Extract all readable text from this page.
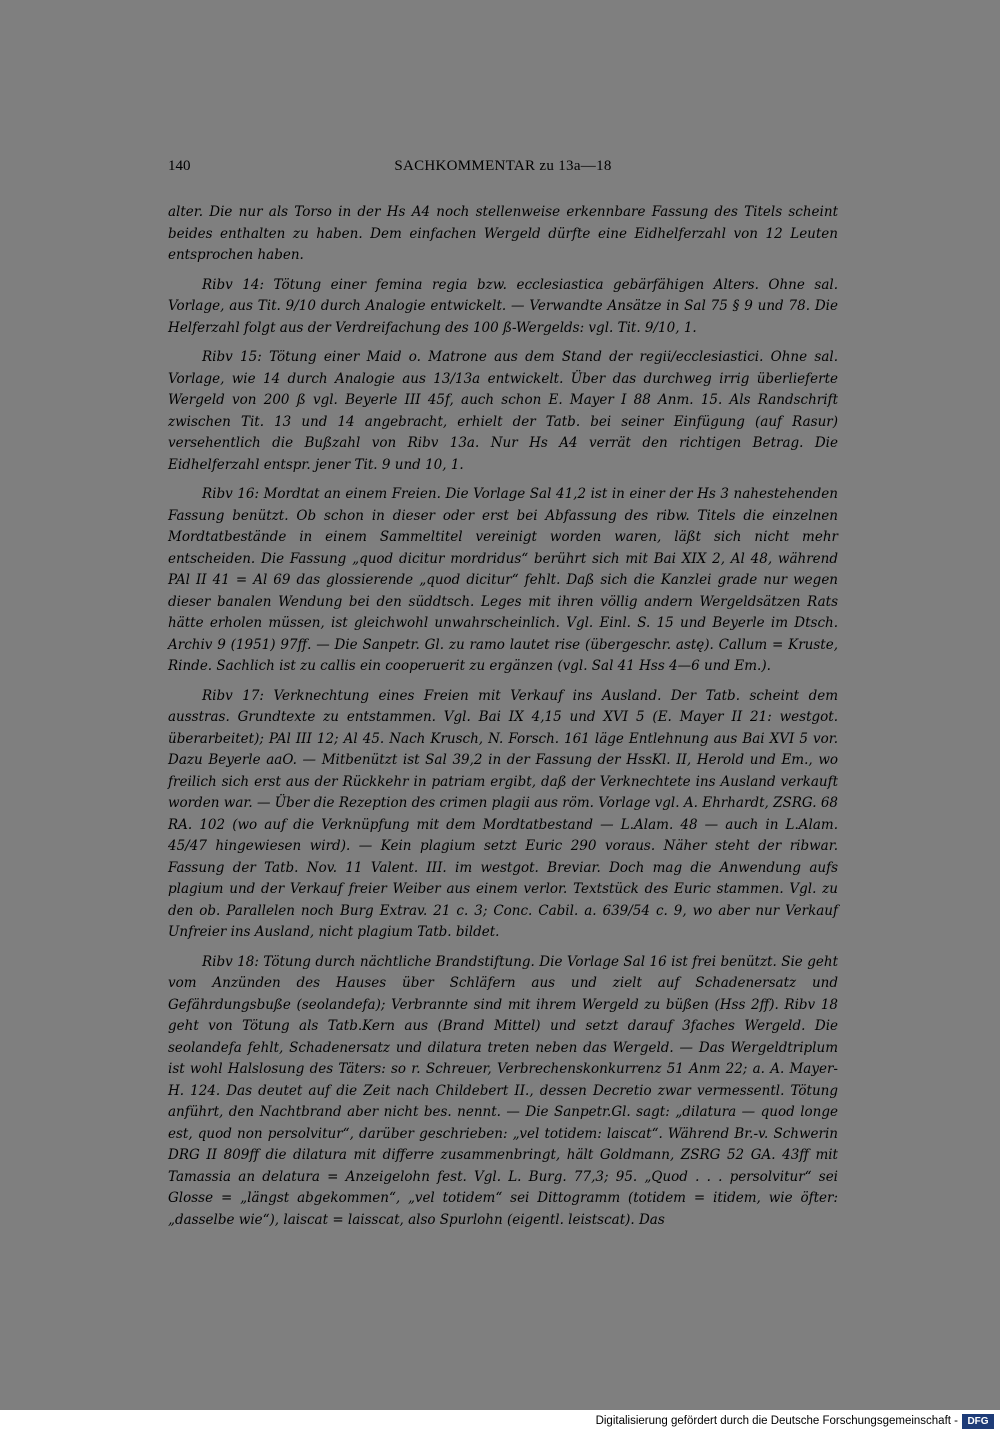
140	SACHKOMMENTAR zu 13a—18

alter. Die nur als Torso in der Hs A4 noch stellenweise erkennbare Fassung des Titels scheint beides enthalten zu haben. Dem einfachen Wergeld dürfte eine Eidhelferzahl von 12 Leuten entsprochen haben.

Ribv 14: Tötung einer femina regia bzw. ecclesiastica gebärfähigen Alters. Ohne sal. Vorlage, aus Tit. 9/10 durch Analogie entwickelt. — Verwandte Ansätze in Sal 75 § 9 und 78. Die Helferzahl folgt aus der Verdreifachung des 100 ß-Wergelds: vgl. Tit. 9/10, 1.

Ribv 15: Tötung einer Maid o. Matrone aus dem Stand der regii/ecclesiastici. Ohne sal. Vorlage, wie 14 durch Analogie aus 13/13a entwickelt. Über das durchweg irrig überlieferte Wergeld von 200 ß vgl. Beyerle III 45f, auch schon E. Mayer I 88 Anm. 15. Als Randschrift zwischen Tit. 13 und 14 angebracht, erhielt der Tatb. bei seiner Einfügung (auf Rasur) versehentlich die Bußzahl von Ribv 13a. Nur Hs A4 verrät den richtigen Betrag. Die Eidhelferzahl entspr. jener Tit. 9 und 10, 1.

Ribv 16: Mordtat an einem Freien. Die Vorlage Sal 41,2 ist in einer der Hs 3 nahestehenden Fassung benützt. Ob schon in dieser oder erst bei Abfassung des ribw. Titels die einzelnen Mordtatbestände in einem Sammeltitel vereinigt worden waren, läßt sich nicht mehr entscheiden. Die Fassung „quod dicitur mordridus“ berührt sich mit Bai XIX 2, Al 48, während PAl II 41 = Al 69 das glossierende „quod dicitur“ fehlt. Daß sich die Kanzlei grade nur wegen dieser banalen Wendung bei den süddtsch. Leges mit ihren völlig andern Wergeldsätzen Rats hätte erholen müssen, ist gleichwohl unwahrscheinlich. Vgl. Einl. S. 15 und Beyerle im Dtsch. Archiv 9 (1951) 97ff. — Die Sanpetr. Gl. zu ramo lautet rise (übergeschr. astę). Callum = Kruste, Rinde. Sachlich ist zu callis ein cooperuerit zu ergänzen (vgl. Sal 41 Hss 4—6 und Em.).

Ribv 17: Verknechtung eines Freien mit Verkauf ins Ausland. Der Tatb. scheint dem ausstras. Grundtexte zu entstammen. Vgl. Bai IX 4,15 und XVI 5 (E. Mayer II 21: westgot. überarbeitet); PAl III 12; Al 45. Nach Krusch, N. Forsch. 161 läge Entlehnung aus Bai XVI 5 vor. Dazu Beyerle aaO. — Mitbenützt ist Sal 39,2 in der Fassung der HssKl. II, Herold und Em., wo freilich sich erst aus der Rückkehr in patriam ergibt, daß der Verknechtete ins Ausland verkauft worden war. — Über die Rezeption des crimen plagii aus röm. Vorlage vgl. A. Ehrhardt, ZSRG. 68 RA. 102 (wo auf die Verknüpfung mit dem Mordtatbestand — L.Alam. 48 — auch in L.Alam. 45/47 hingewiesen wird). — Kein plagium setzt Euric 290 voraus. Näher steht der ribwar. Fassung der Tatb. Nov. 11 Valent. III. im westgot. Breviar. Doch mag die Anwendung aufs plagium und der Verkauf freier Weiber aus einem verlor. Textstück des Euric stammen. Vgl. zu den ob. Parallelen noch Burg Extrav. 21 c. 3; Conc. Cabil. a. 639/54 c. 9, wo aber nur Verkauf Unfreier ins Ausland, nicht plagium Tatb. bildet.

Ribv 18: Tötung durch nächtliche Brandstiftung. Die Vorlage Sal 16 ist frei benützt. Sie geht vom Anzünden des Hauses über Schläfern aus und zielt auf Schadenersatz und Gefährdungsbuße (seolandefa); Verbrannte sind mit ihrem Wergeld zu büßen (Hss 2ff). Ribv 18 geht von Tötung als Tatb.Kern aus (Brand Mittel) und setzt darauf 3faches Wergeld. Die seolandefa fehlt, Schadenersatz und dilatura treten neben das Wergeld. — Das Wergeldtriplum ist wohl Halslosung des Täters: so r. Schreuer, Verbrechenskonkurrenz 51 Anm 22; a. A. Mayer-H. 124. Das deutet auf die Zeit nach Childebert II., dessen Decretio zwar vermessentl. Tötung anführt, den Nachtbrand aber nicht bes. nennt. — Die Sanpetr.Gl. sagt: „dilatura — quod longe est, quod non persolvitur“, darüber geschrieben: „vel totidem: laiscat“. Während Br.-v. Schwerin DRG II 809ff die dilatura mit differre zusammenbringt, hält Goldmann, ZSRG 52 GA. 43ff mit Tamassia an delatura = Anzeigelohn fest. Vgl. L. Burg. 77,3; 95. „Quod . . . persolvitur“ sei Glosse = „längst abgekommen“, „vel totidem“ sei Dittogramm (totidem = itidem, wie öfter: „dasselbe wie“), laiscat = laisscat, also Spurlohn (eigentl. leistscat). Das

Digitalisierung gefördert durch die Deutsche Forschungsgemeinschaft - DFG
